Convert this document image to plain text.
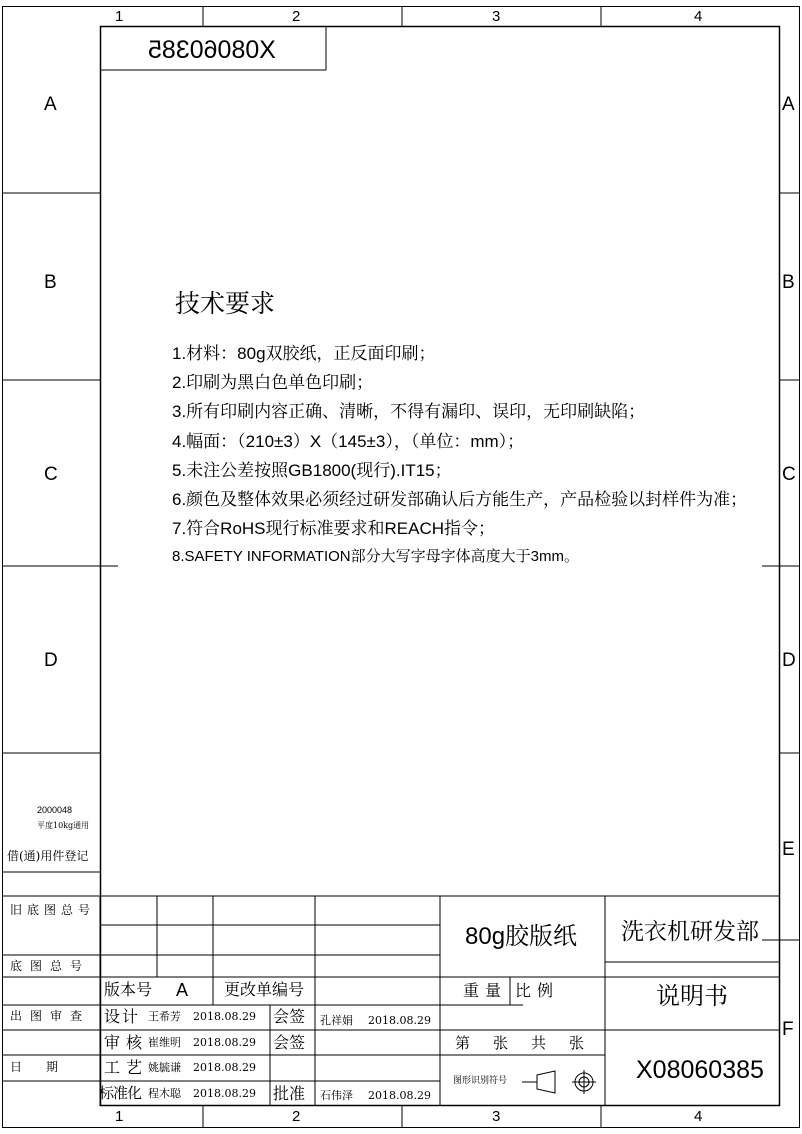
1	2	3	4
1	2	3	4
A
B
C
D
A
B
C
D
E
F
X08060385
技术要求
1.材料：80g双胶纸，正反面印刷；
2.印刷为黑白色单色印刷；
3.所有印刷内容正确、清晰，不得有漏印、误印，无印刷缺陷；
4.幅面：（210±3）X（145±3），（单位：mm）；
5.未注公差按照GB1800(现行).IT15；
6.颜色及整体效果必须经过研发部确认后方能生产，产品检验以封样件为准；
7.符合RoHS现行标准要求和REACH指令；
8.SAFETY INFORMATION部分大写字母字体高度大于3mm。
2000048
平度10kg通用
借(通)用件登记
旧底图总号
底图总号
出图审查
日　　期
版本号 A 更改单编号
设计 王希芳 2018.08.29 会签 孔祥娟 2018.08.29
审核 崔维明 2018.08.29 会签
工艺 姚毓谦 2018.08.29
标准化 程木聪 2018.08.29 批准 石伟泽 2018.08.29
80g胶版纸
重量 比例
第　张　共　张
图形识别符号
洗衣机研发部
说明书
X08060385
